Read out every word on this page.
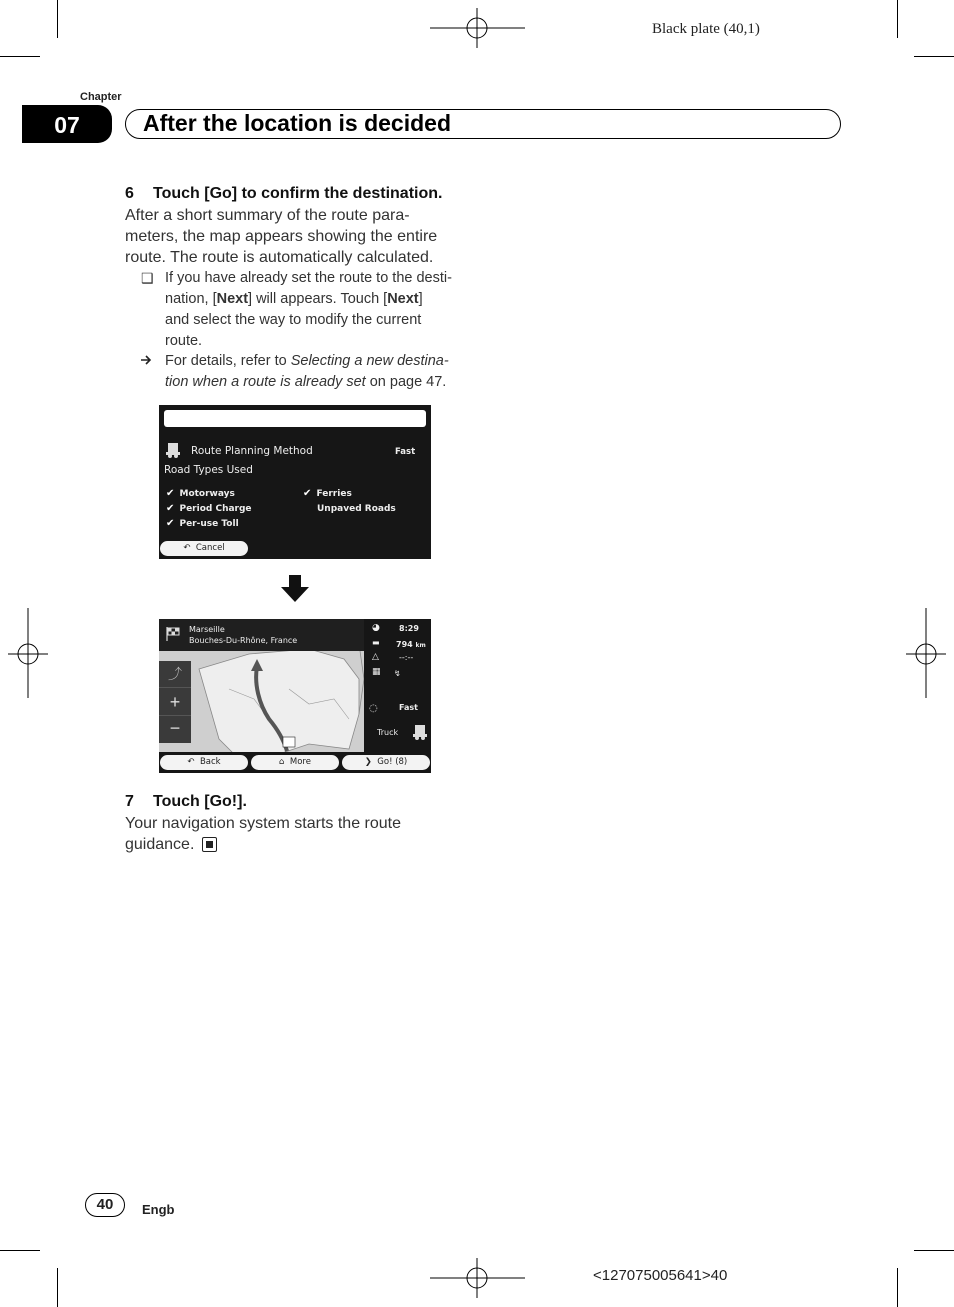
Black plate (40,1)
Chapter
07	After the location is decided
6 Touch [Go] to confirm the destination.
After a short summary of the route para-
meters, the map appears showing the entire
route. The route is automatically calculated.
❑ If you have already set the route to the desti-
nation, [Next] will appears. Touch [Next]
and select the way to modify the current
route.
For details, refer to Selecting a new destina-
tion when a route is already set on page 47.
Route Planning Method	Fast
Road Types Used
✔ Motorways
✔ Period Charge
✔ Per-use Toll
✔ Ferries
Unpaved Roads
↶ Cancel
Marseille
Bouches-Du-Rhône, France
◕ 8:29
▬ 794 km
△	--:--
▦ ↯
◌	Fast
Truck
⤴
+
−
↶ Back	⌂ More	❯ Go! (8)
7 Touch [Go!].
Your navigation system starts the route
guidance.
40	Engb
<127075005641>40
